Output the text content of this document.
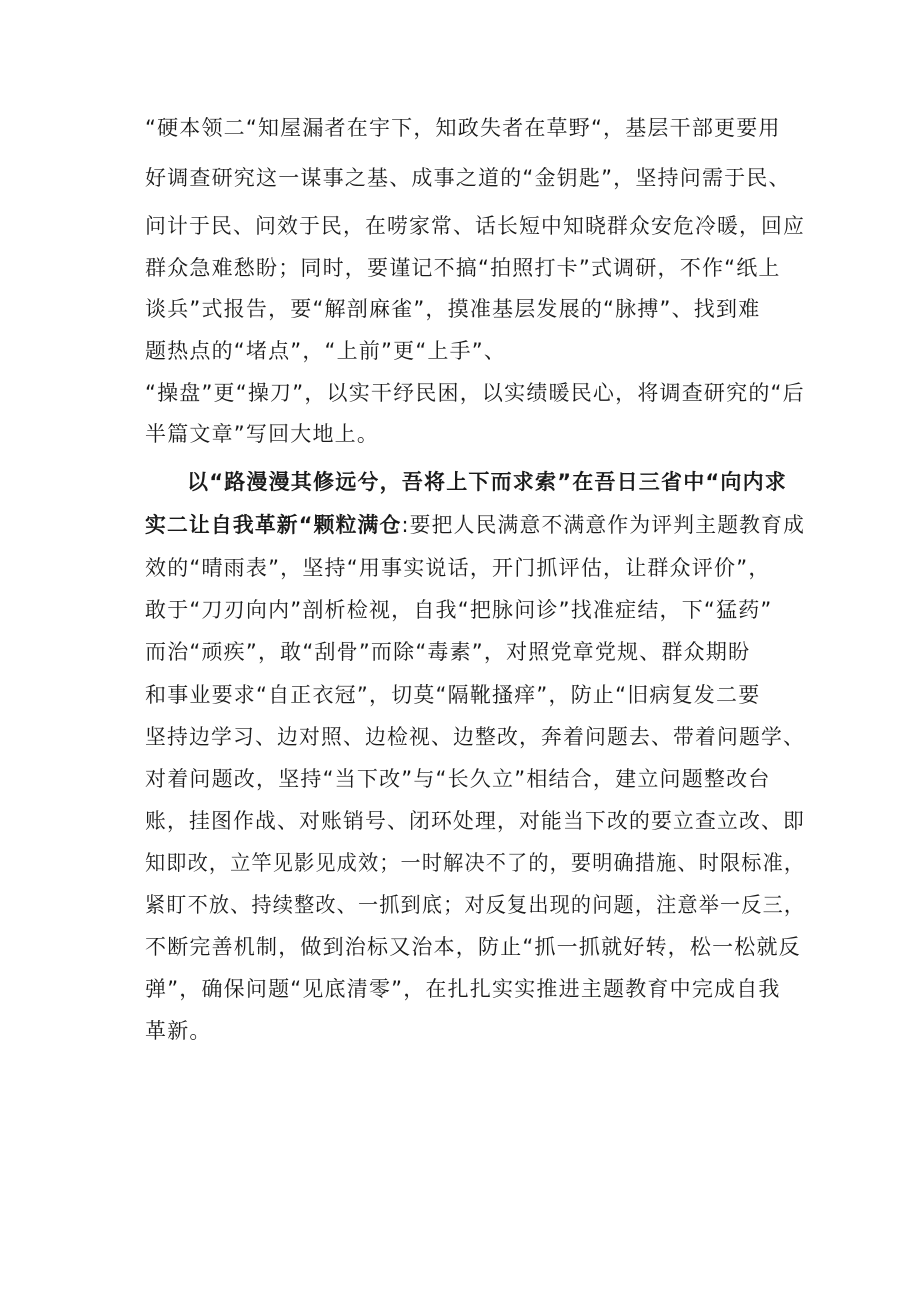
“硬本领二“知屋漏者在宇下，知政失者在草野“，基层干部更要用
好调查研究这一谋事之基、成事之道的“金钥匙”，坚持问需于民、
问计于民、问效于民，在唠家常、话长短中知晓群众安危冷暖，回应
群众急难愁盼；同时，要谨记不搞“拍照打卡”式调研，不作“纸上
谈兵”式报告，要“解剖麻雀”，摸准基层发展的“脉搏”、找到难
题热点的“堵点”，“上前”更“上手”、
“操盘”更“操刀”，以实干纾民困，以实绩暖民心，将调查研究的“后
半篇文章”写回大地上。
以“路漫漫其修远兮，吾将上下而求索”在吾日三省中“向内求
实二让自我革新“颗粒满仓:要把人民满意不满意作为评判主题教育成
效的“晴雨表”，坚持“用事实说话，开门抓评估，让群众评价”，
敢于“刀刃向内”剖析检视，自我“把脉问诊”找准症结，下“猛药”
而治“顽疾”，敢“刮骨”而除“毒素”，对照党章党规、群众期盼
和事业要求“自正衣冠”，切莫“隔靴搔痒”，防止“旧病复发二要
坚持边学习、边对照、边检视、边整改，奔着问题去、带着问题学、
对着问题改，坚持“当下改”与“长久立”相结合，建立问题整改台
账，挂图作战、对账销号、闭环处理，对能当下改的要立查立改、即
知即改，立竿见影见成效；一时解决不了的，要明确措施、时限标准，
紧盯不放、持续整改、一抓到底；对反复出现的问题，注意举一反三，
不断完善机制，做到治标又治本，防止“抓一抓就好转，松一松就反
弹”，确保问题“见底清零”，在扎扎实实推进主题教育中完成自我
革新。
